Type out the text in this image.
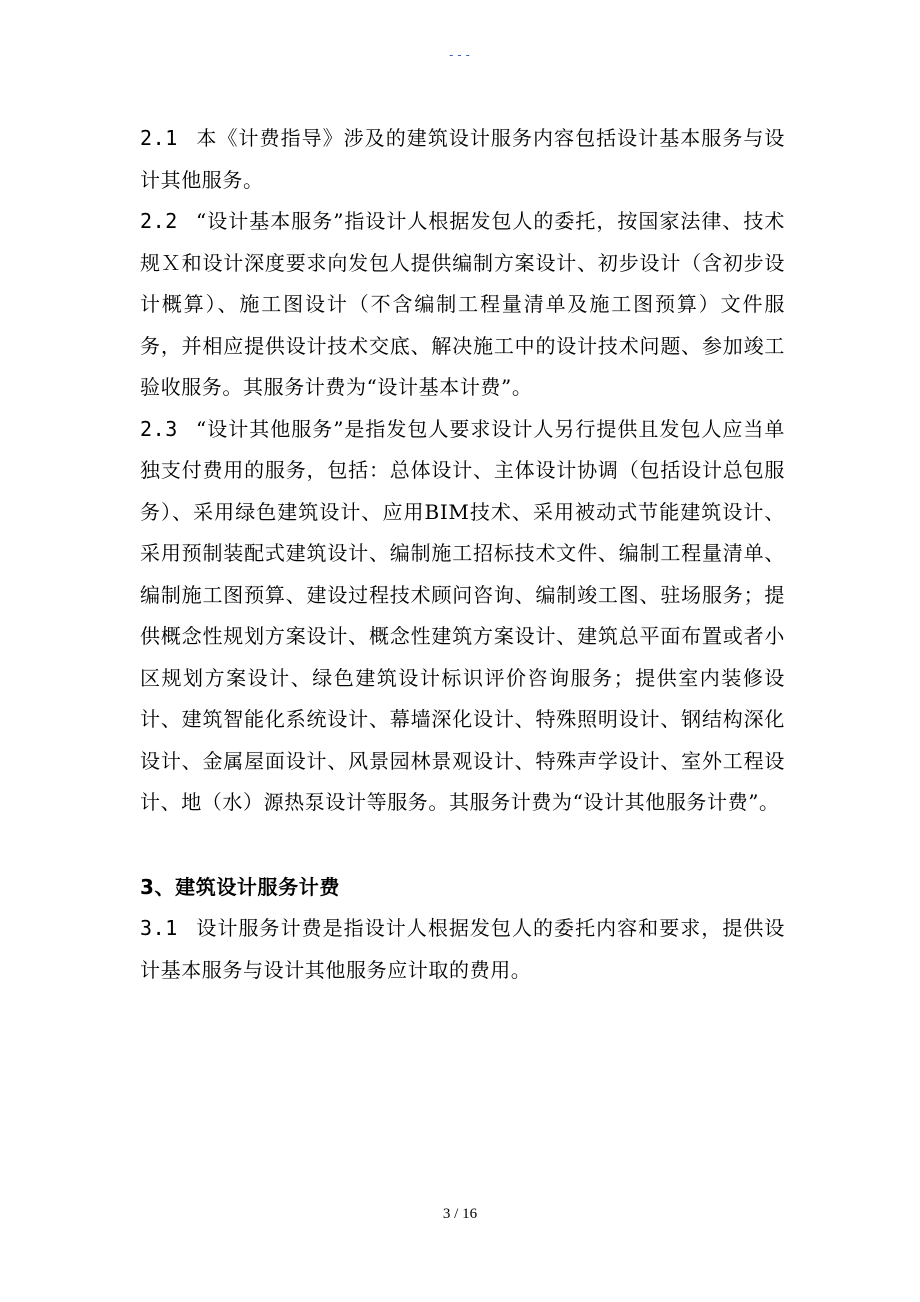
---

2.1 本《计费指导》涉及的建筑设计服务内容包括设计基本服务与设计其他服务。

2.2 “设计基本服务”指设计人根据发包人的委托，按国家法律、技术规Ｘ和设计深度要求向发包人提供编制方案设计、初步设计（含初步设计概算）、施工图设计（不含编制工程量清单及施工图预算）文件服务，并相应提供设计技术交底、解决施工中的设计技术问题、参加竣工验收服务。其服务计费为“设计基本计费”。

2.3 “设计其他服务”是指发包人要求设计人另行提供且发包人应当单独支付费用的服务，包括：总体设计、主体设计协调（包括设计总包服务）、采用绿色建筑设计、应用BIM技术、采用被动式节能建筑设计、采用预制装配式建筑设计、编制施工招标技术文件、编制工程量清单、编制施工图预算、建设过程技术顾问咨询、编制竣工图、驻场服务；提供概念性规划方案设计、概念性建筑方案设计、建筑总平面布置或者小区规划方案设计、绿色建筑设计标识评价咨询服务；提供室内装修设计、建筑智能化系统设计、幕墙深化设计、特殊照明设计、钢结构深化设计、金属屋面设计、风景园林景观设计、特殊声学设计、室外工程设计、地（水）源热泵设计等服务。其服务计费为“设计其他服务计费”。

3、建筑设计服务计费

3.1 设计服务计费是指设计人根据发包人的委托内容和要求，提供设计基本服务与设计其他服务应计取的费用。

3 / 16
